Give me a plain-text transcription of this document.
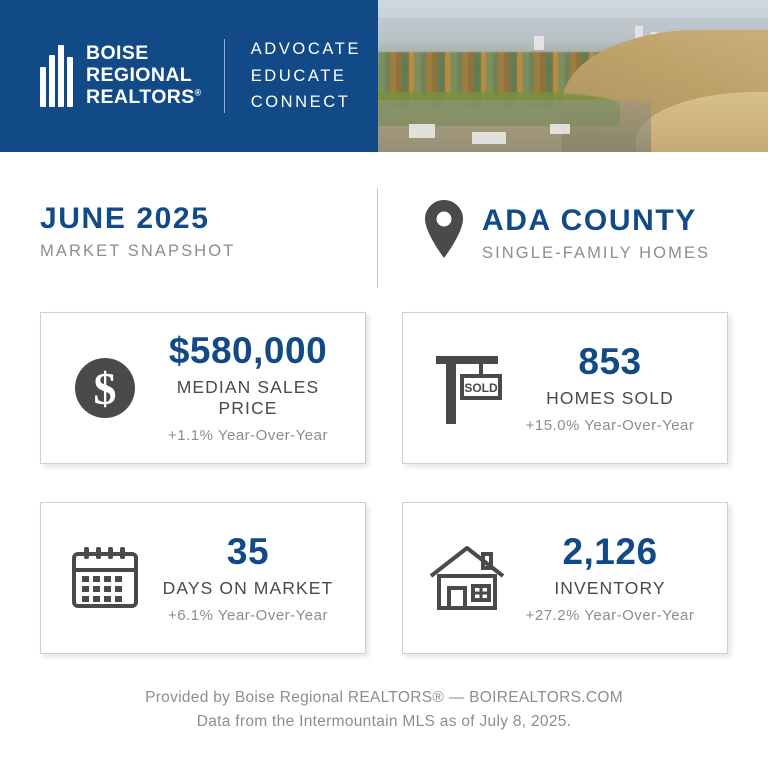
BOISE
REGIONAL
REALTORS®
ADVOCATE
EDUCATE
CONNECT
JUNE 2025
MARKET SNAPSHOT
ADA COUNTY
SINGLE-FAMILY HOMES
$
$580,000
MEDIAN SALES PRICE
+1.1% Year-Over-Year
SOLD
853
HOMES SOLD
+15.0% Year-Over-Year
35
DAYS ON MARKET
+6.1% Year-Over-Year
2,126
INVENTORY
+27.2% Year-Over-Year
Provided by Boise Regional REALTORS® — BOIREALTORS.COM
Data from the Intermountain MLS as of July 8, 2025.
